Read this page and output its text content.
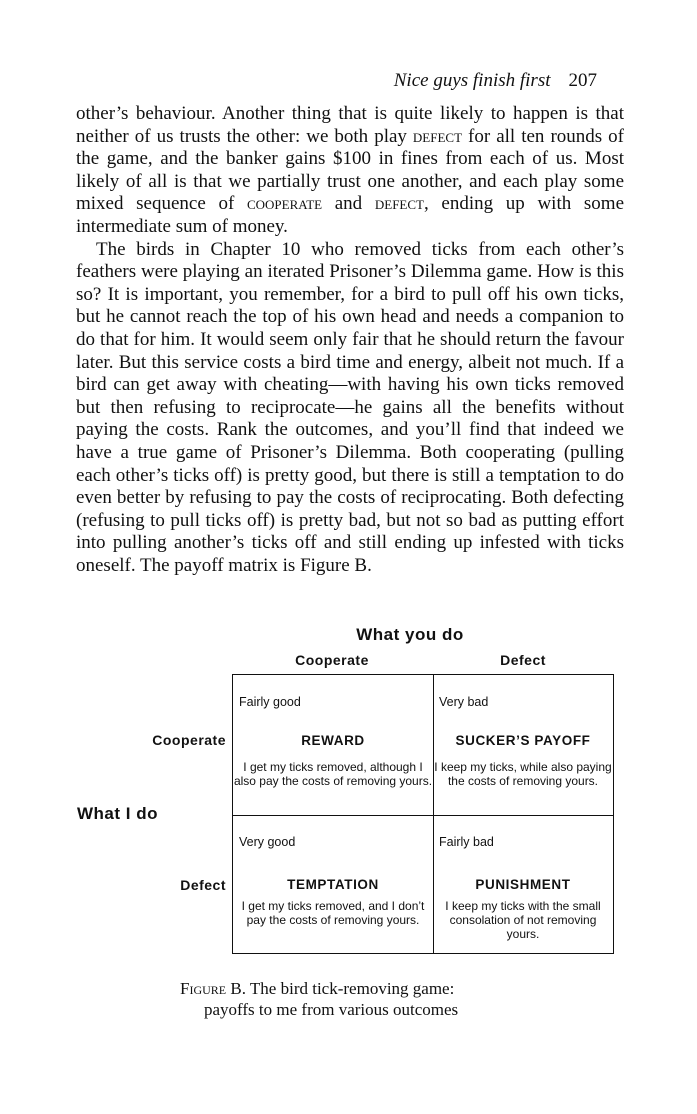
Nice guys finish first 207

other’s behaviour. Another thing that is quite likely to happen is that neither of us trusts the other: we both play defect for all ten rounds of the game, and the banker gains $100 in fines from each of us. Most likely of all is that we partially trust one another, and each play some mixed sequence of cooperate and defect, ending up with some intermediate sum of money.

The birds in Chapter 10 who removed ticks from each other’s feathers were playing an iterated Prisoner’s Dilemma game. How is this so? It is important, you remember, for a bird to pull off his own ticks, but he cannot reach the top of his own head and needs a companion to do that for him. It would seem only fair that he should return the favour later. But this service costs a bird time and energy, albeit not much. If a bird can get away with cheating—with having his own ticks removed but then refusing to reciprocate—he gains all the benefits without paying the costs. Rank the outcomes, and you’ll find that indeed we have a true game of Prisoner’s Dilemma. Both cooperating (pulling each other’s ticks off) is pretty good, but there is still a temptation to do even better by refusing to pay the costs of reciprocating. Both defecting (refusing to pull ticks off) is pretty bad, but not so bad as putting effort into pulling another’s ticks off and still ending up infested with ticks oneself. The payoff matrix is Figure B.

What you do
Cooperate	Defect
Cooperate
Defect
What I do
Fairly good
REWARD
I get my ticks removed, although I also pay the costs of removing yours.
Very bad
SUCKER’S PAYOFF
I keep my ticks, while also paying the costs of removing yours.
Very good
TEMPTATION
I get my ticks removed, and I don’t pay the costs of removing yours.
Fairly bad
PUNISHMENT
I keep my ticks with the small consolation of not removing yours.
Figure B. The bird tick-removing game:
payoffs to me from various outcomes
